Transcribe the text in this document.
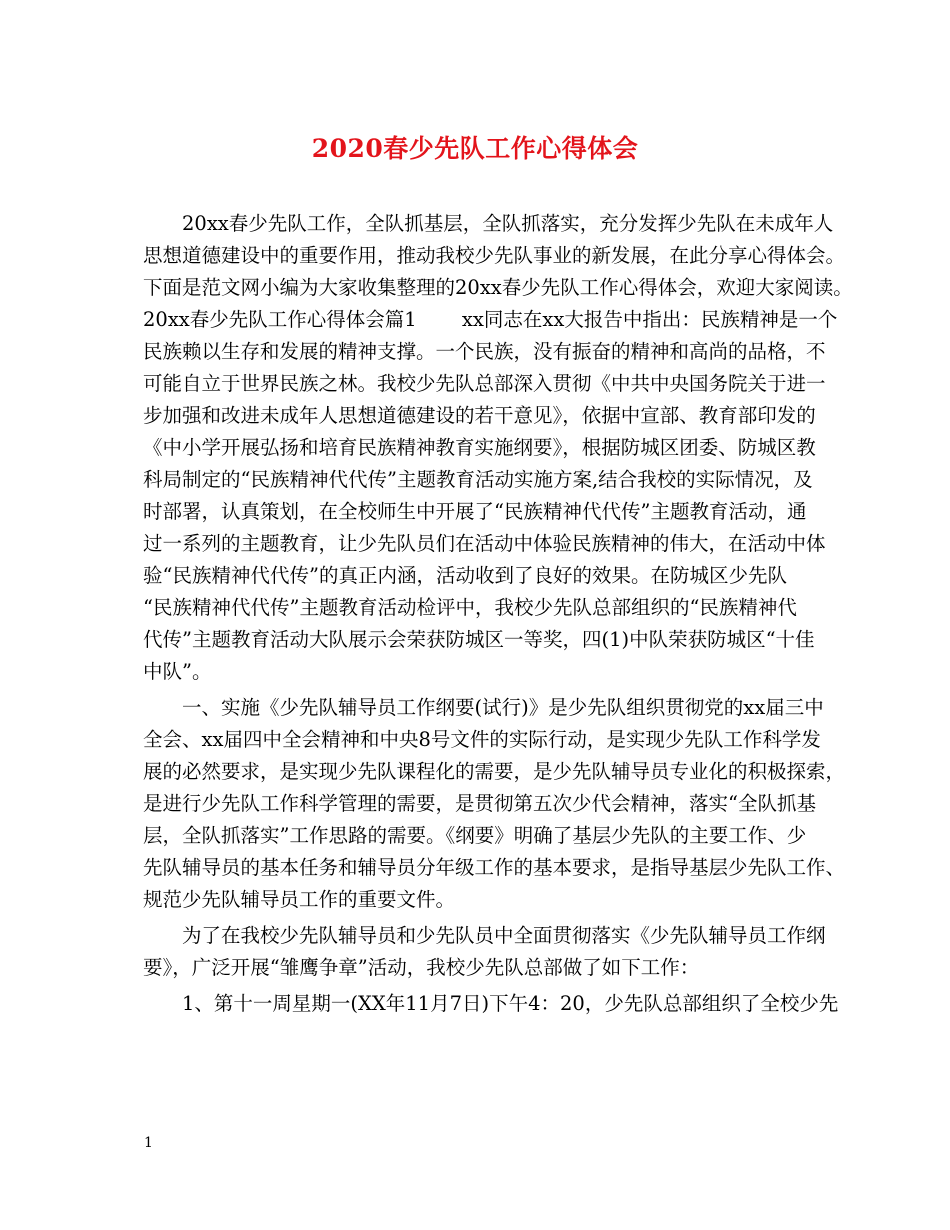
2020春少先队工作心得体会
　　20xx春少先队工作，全队抓基层，全队抓落实，充分发挥少先队在未成年人
思想道德建设中的重要作用，推动我校少先队事业的新发展，在此分享心得体会。
下面是范文网小编为大家收集整理的20xx春少先队工作心得体会，欢迎大家阅读。
20xx春少先队工作心得体会篇1　　 xx同志在xx大报告中指出：民族精神是一个
民族赖以生存和发展的精神支撑。一个民族，没有振奋的精神和高尚的品格，不
可能自立于世界民族之林。我校少先队总部深入贯彻《中共中央国务院关于进一
步加强和改进未成年人思想道德建设的若干意见》，依据中宣部、教育部印发的
《中小学开展弘扬和培育民族精神教育实施纲要》，根据防城区团委、防城区教
科局制定的“民族精神代代传”主题教育活动实施方案,结合我校的实际情况，及
时部署，认真策划，在全校师生中开展了“民族精神代代传”主题教育活动，通
过一系列的主题教育，让少先队员们在活动中体验民族精神的伟大，在活动中体
验“民族精神代代传”的真正内涵，活动收到了良好的效果。在防城区少先队
“民族精神代代传”主题教育活动检评中，我校少先队总部组织的“民族精神代
代传”主题教育活动大队展示会荣获防城区一等奖，四(1)中队荣获防城区“十佳
中队”。
　　一、实施《少先队辅导员工作纲要(试行)》是少先队组织贯彻党的xx届三中
全会、xx届四中全会精神和中央8号文件的实际行动，是实现少先队工作科学发
展的必然要求，是实现少先队课程化的需要，是少先队辅导员专业化的积极探索，
是进行少先队工作科学管理的需要，是贯彻第五次少代会精神，落实“全队抓基
层，全队抓落实”工作思路的需要。《纲要》明确了基层少先队的主要工作、少
先队辅导员的基本任务和辅导员分年级工作的基本要求，是指导基层少先队工作、
规范少先队辅导员工作的重要文件。
　　为了在我校少先队辅导员和少先队员中全面贯彻落实《少先队辅导员工作纲
要》，广泛开展“雏鹰争章”活动，我校少先队总部做了如下工作：
　　1、第十一周星期一(XX年11月7日)下午4：20，少先队总部组织了全校少先
1
